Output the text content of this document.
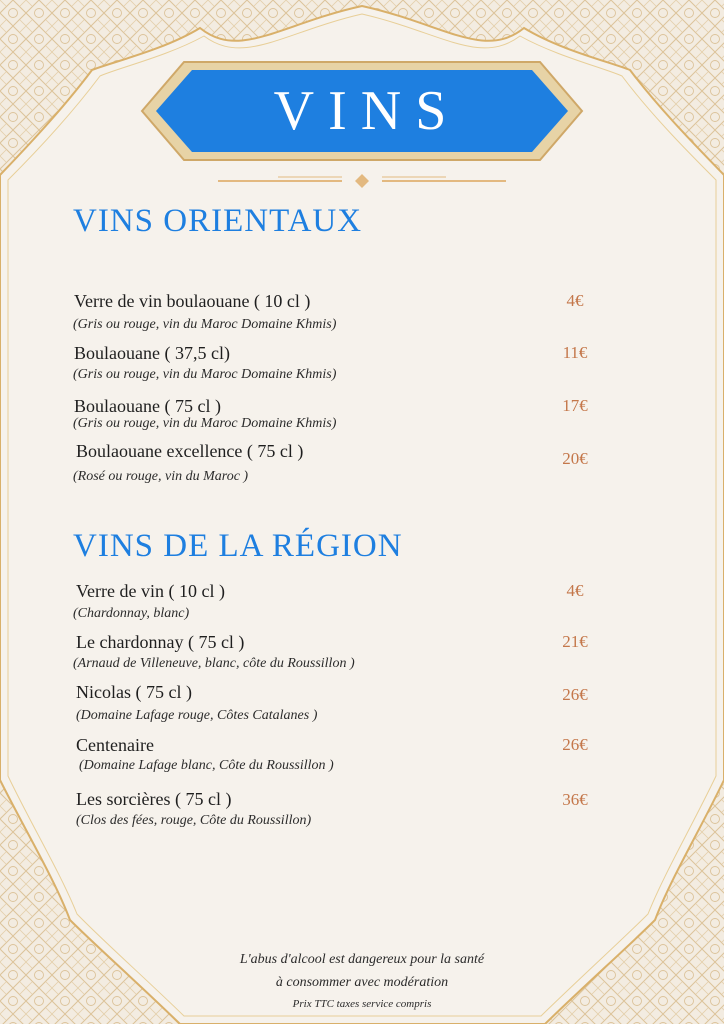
VINS
VINS ORIENTAUX
Verre de vin boulaouane ( 10 cl )
(Gris ou rouge, vin du Maroc Domaine Khmis)
4€
Boulaouane ( 37,5 cl)
(Gris ou rouge, vin du Maroc Domaine Khmis)
11€
Boulaouane ( 75 cl )
(Gris ou rouge, vin du Maroc Domaine Khmis)
17€
Boulaouane excellence ( 75 cl )
(Rosé ou rouge, vin du Maroc )
20€
VINS DE LA RÉGION
Verre de vin ( 10 cl )
(Chardonnay, blanc)
4€
Le chardonnay ( 75 cl )
(Arnaud de Villeneuve, blanc, côte du Roussillon )
21€
Nicolas ( 75 cl )
(Domaine Lafage rouge, Côtes Catalanes )
26€
Centenaire
(Domaine Lafage blanc, Côte du Roussillon )
26€
Les sorcières ( 75 cl )
(Clos des fées, rouge, Côte du Roussillon)
36€
L'abus d'alcool est dangereux pour la santé
à consommer avec modération
Prix TTC taxes service compris
